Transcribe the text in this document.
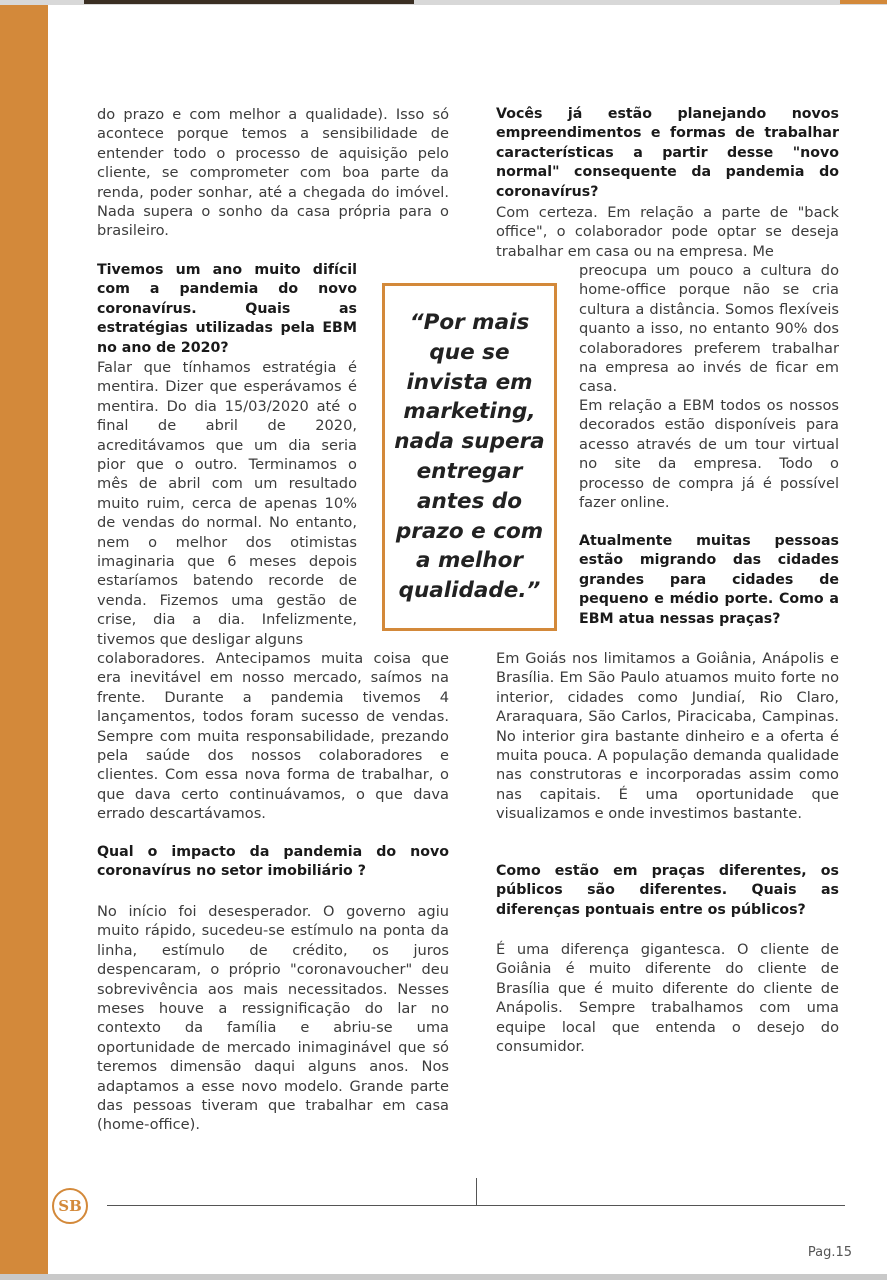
do prazo e com melhor a qualidade). Isso só acontece porque temos a sensibilidade de entender todo o processo de aquisição pelo cliente, se comprometer com boa parte da renda, poder sonhar, até a chegada do imóvel. Nada supera o sonho da casa própria para o brasileiro.

Tivemos um ano muito difícil com a pandemia do novo coronavírus. Quais as estratégias utilizadas pela EBM no ano de 2020?

Falar que tínhamos estratégia é mentira. Dizer que esperávamos é mentira. Do dia 15/03/2020 até o final de abril de 2020, acreditávamos que um dia seria pior que o outro. Terminamos o mês de abril com um resultado muito ruim, cerca de apenas 10% de vendas do normal. No entanto, nem o melhor dos otimistas imaginaria que 6 meses depois estaríamos batendo recorde de venda. Fizemos uma gestão de crise, dia a dia. Infelizmente, tivemos que desligar alguns

colaboradores. Antecipamos muita coisa que era inevitável em nosso mercado, saímos na frente. Durante a pandemia tivemos 4 lançamentos, todos foram sucesso de vendas. Sempre com muita responsabilidade, prezando pela saúde dos nossos colaboradores e clientes. Com essa nova forma de trabalhar, o que dava certo continuávamos, o que dava errado descartávamos.

Qual o impacto da pandemia do novo coronavírus no setor imobiliário ?

No início foi desesperador. O governo agiu muito rápido, sucedeu-se estímulo na ponta da linha, estímulo de crédito, os juros despencaram, o próprio "coronavoucher" deu sobrevivência aos mais necessitados. Nesses meses houve a ressignificação do lar no contexto da família e abriu-se uma oportunidade de mercado inimaginável que só teremos dimensão daqui alguns anos. Nos adaptamos a esse novo modelo. Grande parte das pessoas tiveram que trabalhar em casa (home-office).

“Por mais que se invista em marketing, nada supera entregar antes do prazo e com a melhor qualidade.”

Vocês já estão planejando novos empreendimentos e formas de trabalhar características a partir desse "novo normal" consequente da pandemia do coronavírus?

Com certeza. Em relação a parte de "back office", o colaborador pode optar se deseja trabalhar em casa ou na empresa. Me

preocupa um pouco a cultura do home-office porque não se cria cultura a distância. Somos flexíveis quanto a isso, no entanto 90% dos colaboradores preferem trabalhar na empresa ao invés de ficar em casa.

Em relação a EBM todos os nossos decorados estão disponíveis para acesso através de um tour virtual no site da empresa. Todo o processo de compra já é possível fazer online.

Atualmente muitas pessoas estão migrando das cidades grandes para cidades de pequeno e médio porte. Como a EBM atua nessas praças?

Em Goiás nos limitamos a Goiânia, Anápolis e Brasília. Em São Paulo atuamos muito forte no interior, cidades como Jundiaí, Rio Claro, Araraquara, São Carlos, Piracicaba, Campinas. No interior gira bastante dinheiro e a oferta é muita pouca. A população demanda qualidade nas construtoras e incorporadas assim como nas capitais. É uma oportunidade que visualizamos e onde investimos bastante.

Como estão em praças diferentes, os públicos são diferentes. Quais as diferenças pontuais entre os públicos?

É uma diferença gigantesca. O cliente de Goiânia é muito diferente do cliente de Brasília que é muito diferente do cliente de Anápolis. Sempre trabalhamos com uma equipe local que entenda o desejo do consumidor.

SB
Pag.15
